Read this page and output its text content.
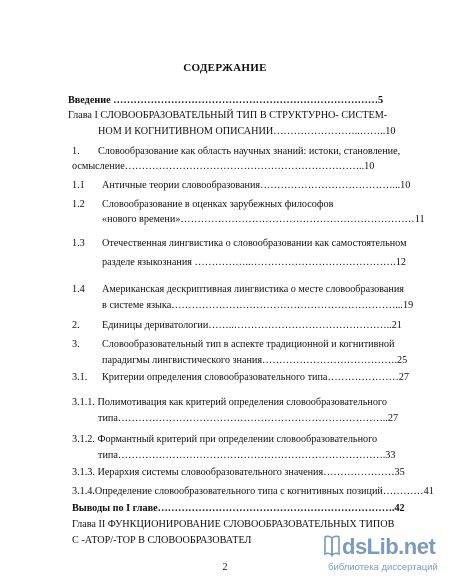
СОДЕРЖАНИЕ
Введение ……………………………………………………………………5
Глава I СЛОВООБРАЗОВАТЕЛЬНЫЙ ТИП В СТРУКТУРНО- СИСТЕМ-
НОМ И КОГНИТИВНОМ ОПИСАНИИ……………………..……..10
1. Словообразование как область научных знаний: истоки, становление,
осмысление……………………………………………………………..10
1.1 Античные теории словообразования…………………………………...10
1.2 Словообразование в оценках зарубежных философов
«нового времени»……………………………………………………………11
1.3 Отечественная лингвистика о словообразовании как самостоятельном
разделе языкознания ……………..…………………………………….12
1.4 Американская дескриптивная лингвистика о месте словообразования
в системе языка…………………………………………………………...19
2. Единицы дериватологии……..………………………………………..21
3. Словообразовательный тип в аспекте традиционной и когнитивной
парадигмы лингвистического знания………………………………….25
3.1. Критерии определения словообразовательного типа…………………27
3.1.1. Полимотивация как критерий определения словообразовательного
типа……………………………………………………………………..27
3.1.2. Формантный критерий при определении словообразовательного
типа…………………………………………………………………….33
3.1.3. Иерархия системы словообразовательного значения…………………35
3.1.4.Определение словообразовательного типа с когнитивных позиций…………41
Выводы по I главе…………………………………………………………….42
Глава II ФУНКЦИОНИРОВАНИЕ СЛОВООБРАЗОВАТЕЛЬНЫХ ТИПОВ
С -АТОР/-ТОР В СЛОВООБРАЗОВАТЕЛ
2
dsLib.net
библиотека диссертаций
